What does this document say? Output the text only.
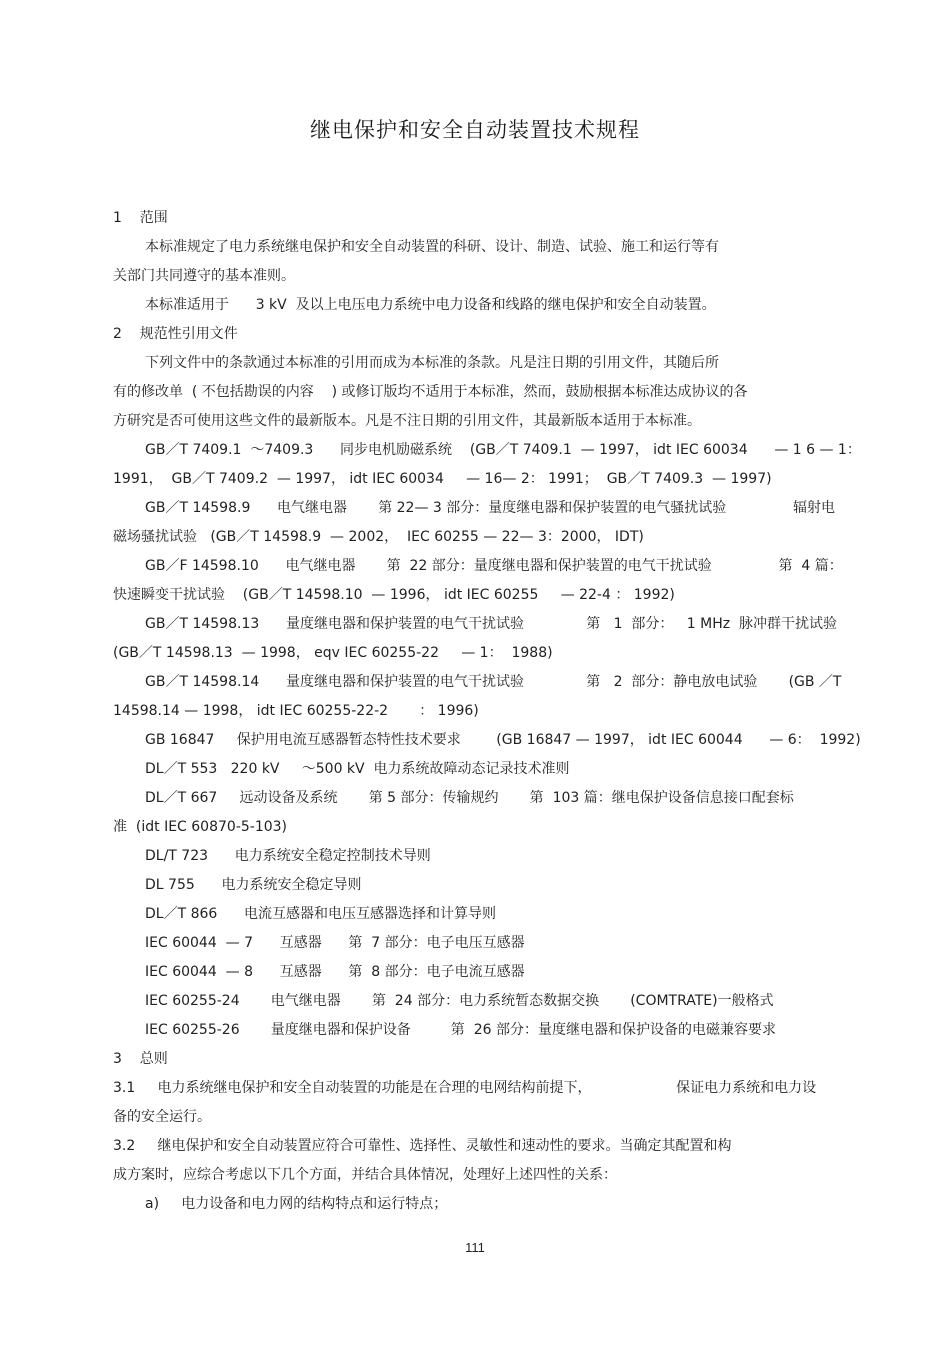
继电保护和安全自动装置技术规程
1    范围
本标准规定了电力系统继电保护和安全自动装置的科研、设计、制造、试验、施工和运行等有
关部门共同遵守的基本准则。
本标准适用于      3 kV  及以上电压电力系统中电力设备和线路的继电保护和安全自动装置。
2    规范性引用文件
下列文件中的条款通过本标准的引用而成为本标准的条款。凡是注日期的引用文件，其随后所
有的修改单  ( 不包括勘误的内容    ) 或修订版均不适用于本标准，然而，鼓励根据本标准达成协议的各
方研究是否可使用这些文件的最新版本。凡是不注日期的引用文件，其最新版本适用于本标准。
GB／T 7409.1  ～7409.3      同步电机励磁系统    (GB／T 7409.1  — 1997， idt IEC 60034      — 1 6 — 1：
1991，  GB／T 7409.2  — 1997， idt IEC 60034     — 16— 2： 1991；  GB／T 7409.3  — 1997)
GB／T 14598.9      电气继电器       第 22— 3 部分：量度继电器和保护装置的电气骚扰试验               辐射电
磁场骚扰试验   (GB／T 14598.9  — 2002，  IEC 60255 — 22— 3：2000， IDT)
GB／F 14598.10      电气继电器       第  22 部分：量度继电器和保护装置的电气干扰试验               第  4 篇：
快速瞬变干扰试验    (GB／T 14598.10  — 1996， idt IEC 60255     — 22-4 ： 1992)
GB／T 14598.13      量度继电器和保护装置的电气干扰试验              第   1  部分：   1 MHz  脉冲群干扰试验
(GB／T 14598.13  — 1998， eqv IEC 60255-22     — 1：  1988)
GB／T 14598.14      量度继电器和保护装置的电气干扰试验              第   2  部分：静电放电试验       (GB ／T
14598.14 — 1998， idt IEC 60255-22-2       ： 1996)
GB 16847     保护用电流互感器暂态特性技术要求        (GB 16847 — 1997， idt IEC 60044      — 6：  1992)
DL／T 553   220 kV     ～500 kV  电力系统故障动态记录技术准则
DL／T 667     远动设备及系统       第 5 部分：传输规约       第  103 篇：继电保护设备信息接口配套标
准  (idt IEC 60870-5-103)
DL/T 723      电力系统安全稳定控制技术导则
DL 755      电力系统安全稳定导则
DL／T 866      电流互感器和电压互感器选择和计算导则
IEC 60044  — 7      互感器      第  7 部分：电子电压互感器
IEC 60044  — 8      互感器      第  8 部分：电子电流互感器
IEC 60255-24       电气继电器       第  24 部分：电力系统暂态数据交换       (COMTRATE)一般格式
IEC 60255-26       量度继电器和保护设备         第  26 部分：量度继电器和保护设备的电磁兼容要求
3    总则
3.1     电力系统继电保护和安全自动装置的功能是在合理的电网结构前提下，                   保证电力系统和电力设
备的安全运行。
3.2     继电保护和安全自动装置应符合可靠性、选择性、灵敏性和速动性的要求。当确定其配置和构
成方案时，应综合考虑以下几个方面，并结合具体情况，处理好上述四性的关系：
a)     电力设备和电力网的结构特点和运行特点；
111
